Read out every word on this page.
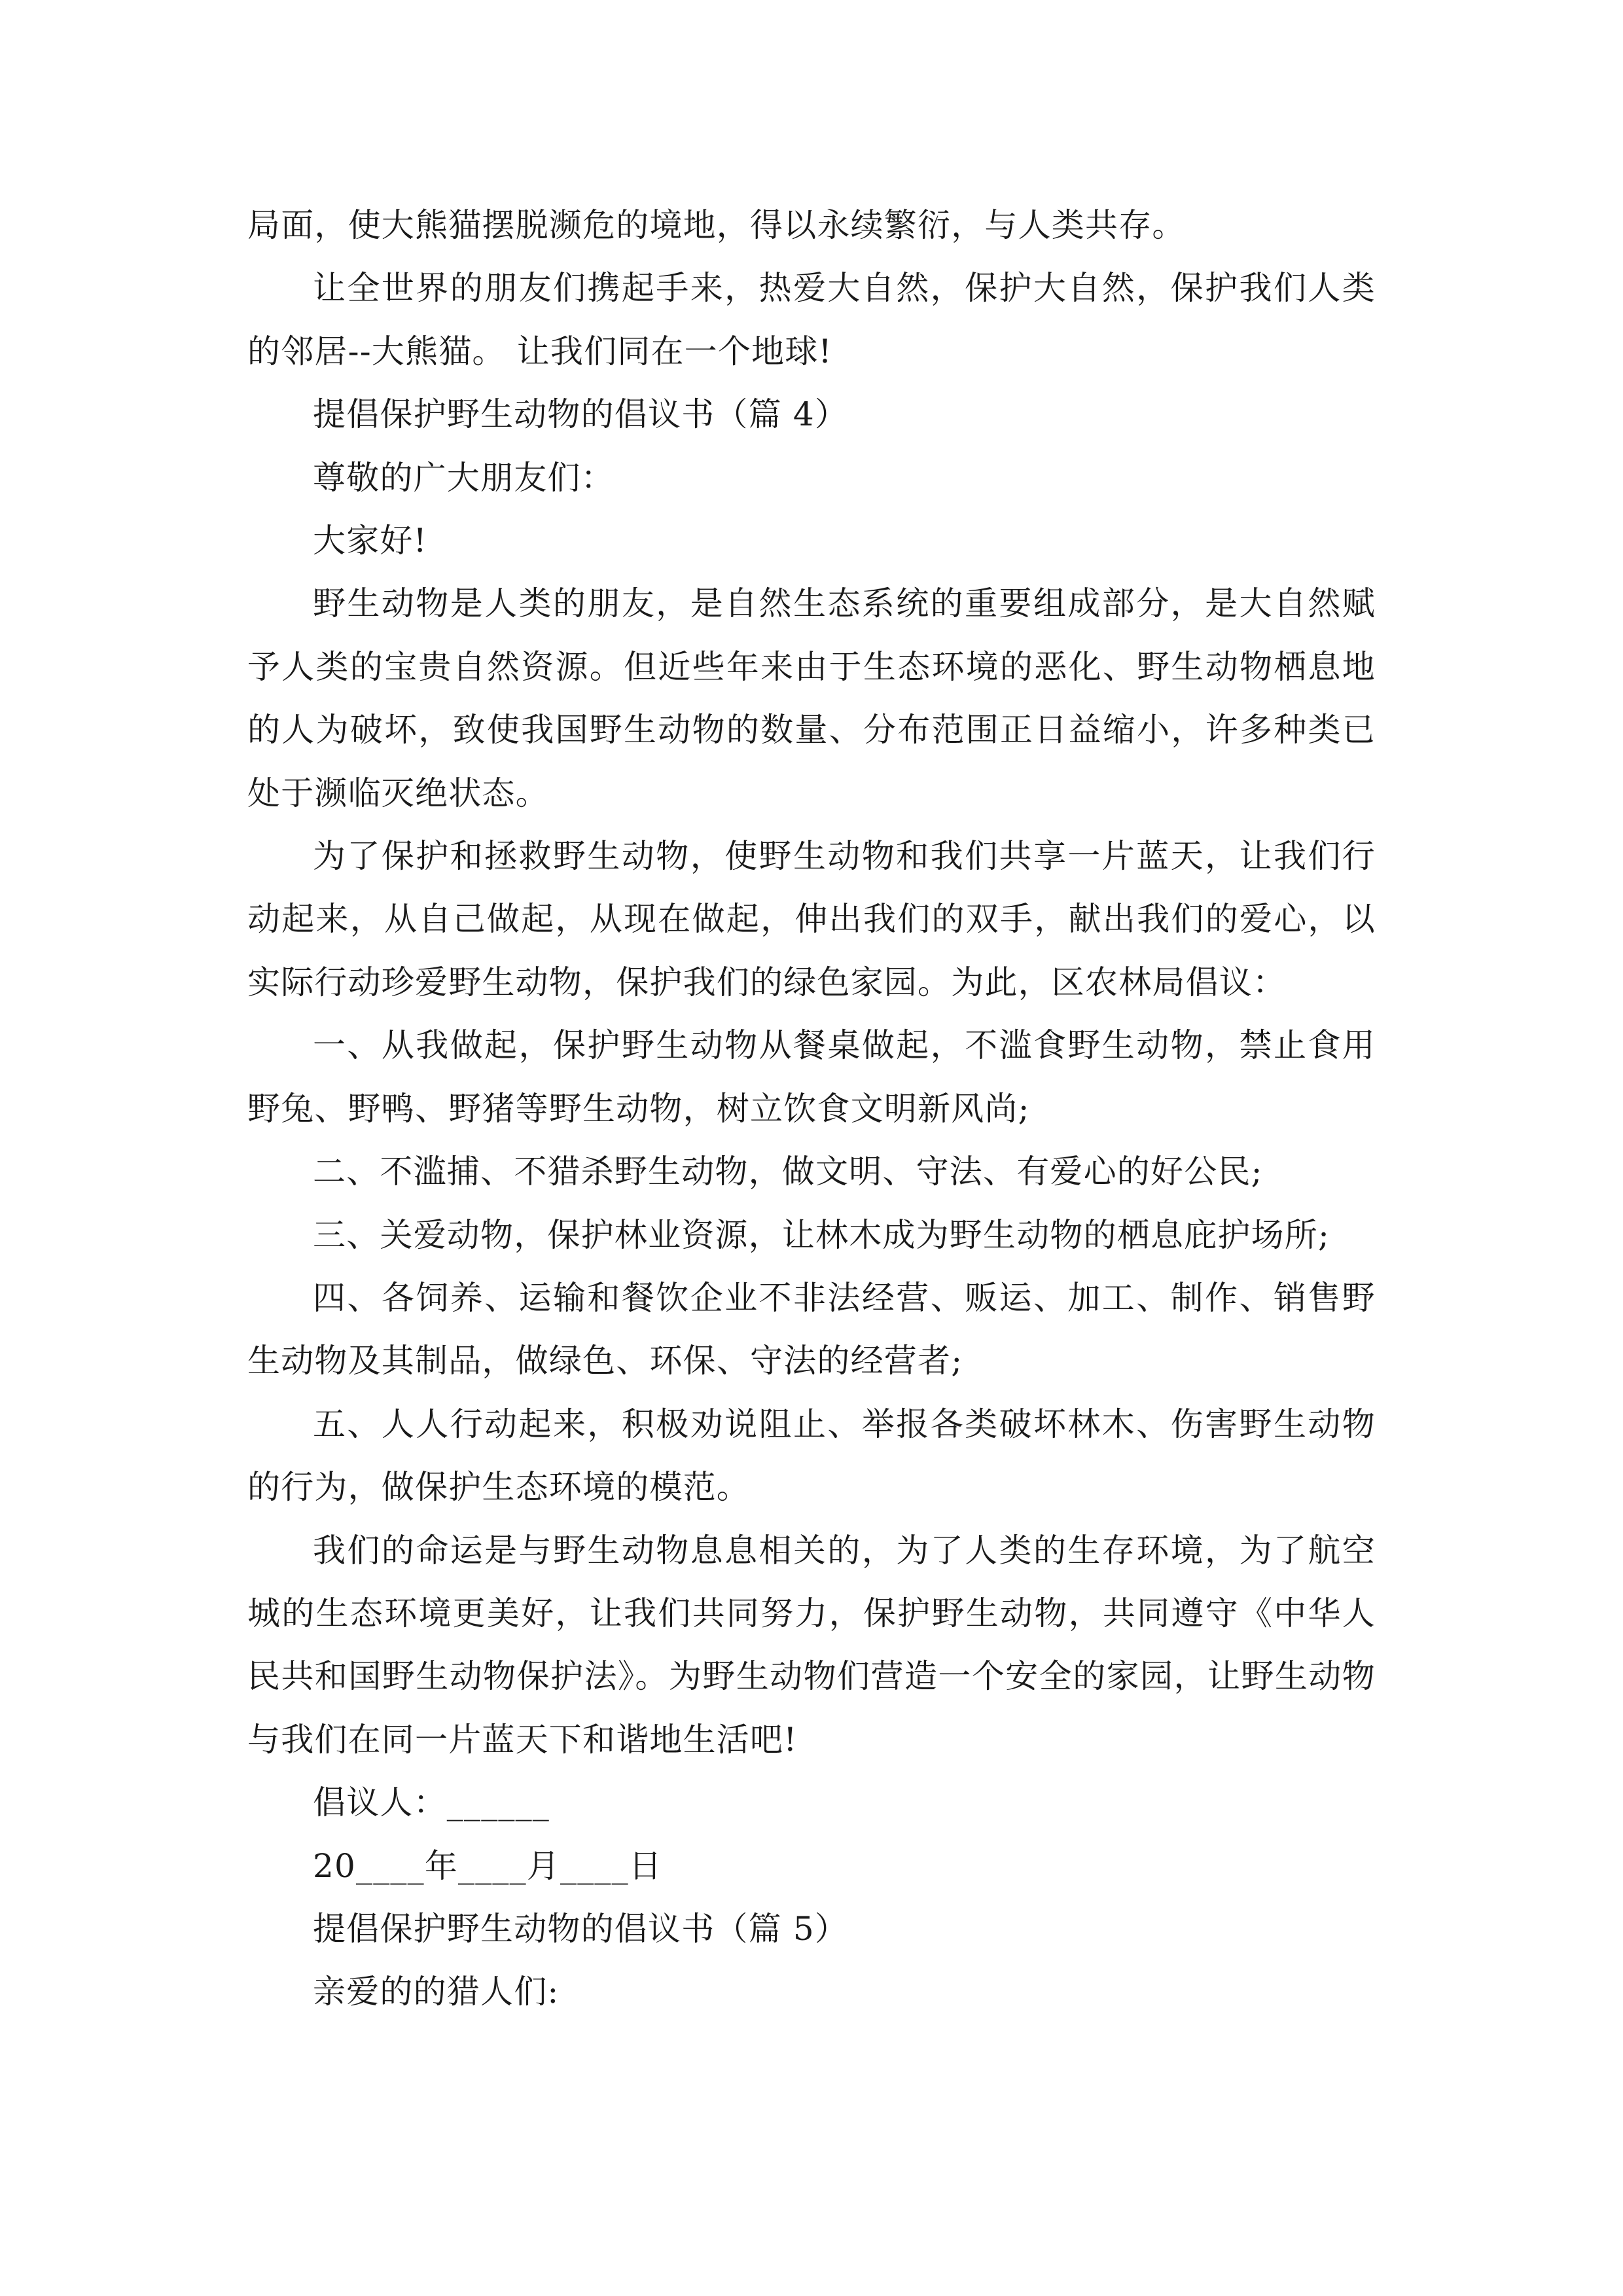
局面，使大熊猫摆脱濒危的境地，得以永续繁衍，与人类共存。

让全世界的朋友们携起手来，热爱大自然，保护大自然，保护我们人类的邻居--大熊猫。 让我们同在一个地球!

提倡保护野生动物的倡议书（篇 4）

尊敬的广大朋友们：

大家好!

野生动物是人类的朋友，是自然生态系统的重要组成部分，是大自然赋予人类的宝贵自然资源。但近些年来由于生态环境的恶化、野生动物栖息地的人为破坏，致使我国野生动物的数量、分布范围正日益缩小，许多种类已处于濒临灭绝状态。

为了保护和拯救野生动物，使野生动物和我们共享一片蓝天，让我们行动起来，从自己做起，从现在做起，伸出我们的双手，献出我们的爱心，以实际行动珍爱野生动物，保护我们的绿色家园。为此，区农林局倡议：

一、从我做起，保护野生动物从餐桌做起，不滥食野生动物，禁止食用野兔、野鸭、野猪等野生动物，树立饮食文明新风尚;

二、不滥捕、不猎杀野生动物，做文明、守法、有爱心的好公民;

三、关爱动物，保护林业资源，让林木成为野生动物的栖息庇护场所;

四、各饲养、运输和餐饮企业不非法经营、贩运、加工、制作、销售野生动物及其制品，做绿色、环保、守法的经营者;

五、人人行动起来，积极劝说阻止、举报各类破坏林木、伤害野生动物的行为，做保护生态环境的模范。

我们的命运是与野生动物息息相关的，为了人类的生存环境，为了航空城的生态环境更美好，让我们共同努力，保护野生动物，共同遵守《中华人民共和国野生动物保护法》。为野生动物们营造一个安全的家园，让野生动物与我们在同一片蓝天下和谐地生活吧!

倡议人：______

20____年____月____日

提倡保护野生动物的倡议书（篇 5）

亲爱的的猎人们:
